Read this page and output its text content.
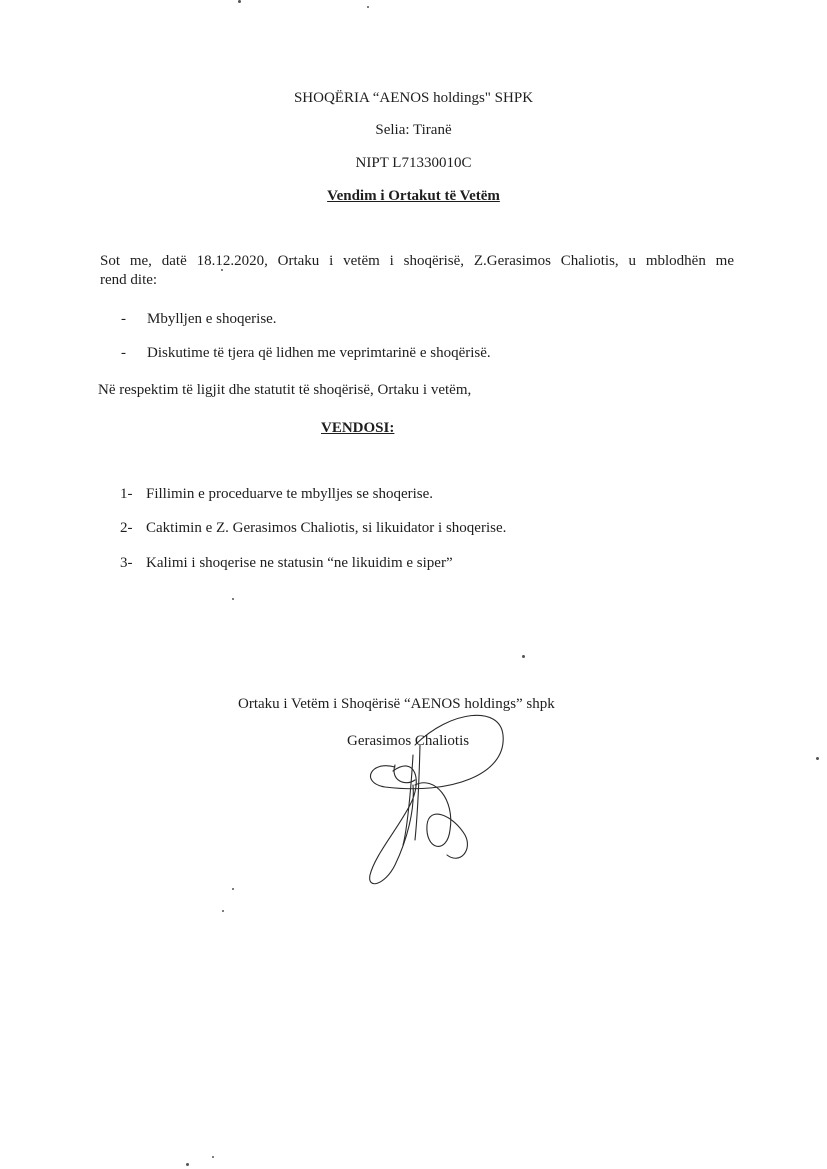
SHOQËRIA “AENOS holdings" SHPK
Selia: Tiranë
NIPT L71330010C
Vendim i Ortakut të Vetëm
Sot me, datë 18.12.2020, Ortaku i vetëm i shoqërisë, Z.Gerasimos Chaliotis, u mblodhën me
rend dite:
- Mbylljen e shoqerise.
- Diskutime të tjera që lidhen me veprimtarinë e shoqërisë.
Në respektim të ligjit dhe statutit të shoqërisë, Ortaku i vetëm,
VENDOSI:
1- Fillimin e proceduarve te mbylljes se shoqerise.
2- Caktimin e Z. Gerasimos Chaliotis, si likuidator i shoqerise.
3- Kalimi i shoqerise ne statusin “ne likuidim e siper”
Ortaku i Vetëm i Shoqërisë “AENOS holdings” shpk
Gerasimos Chaliotis
